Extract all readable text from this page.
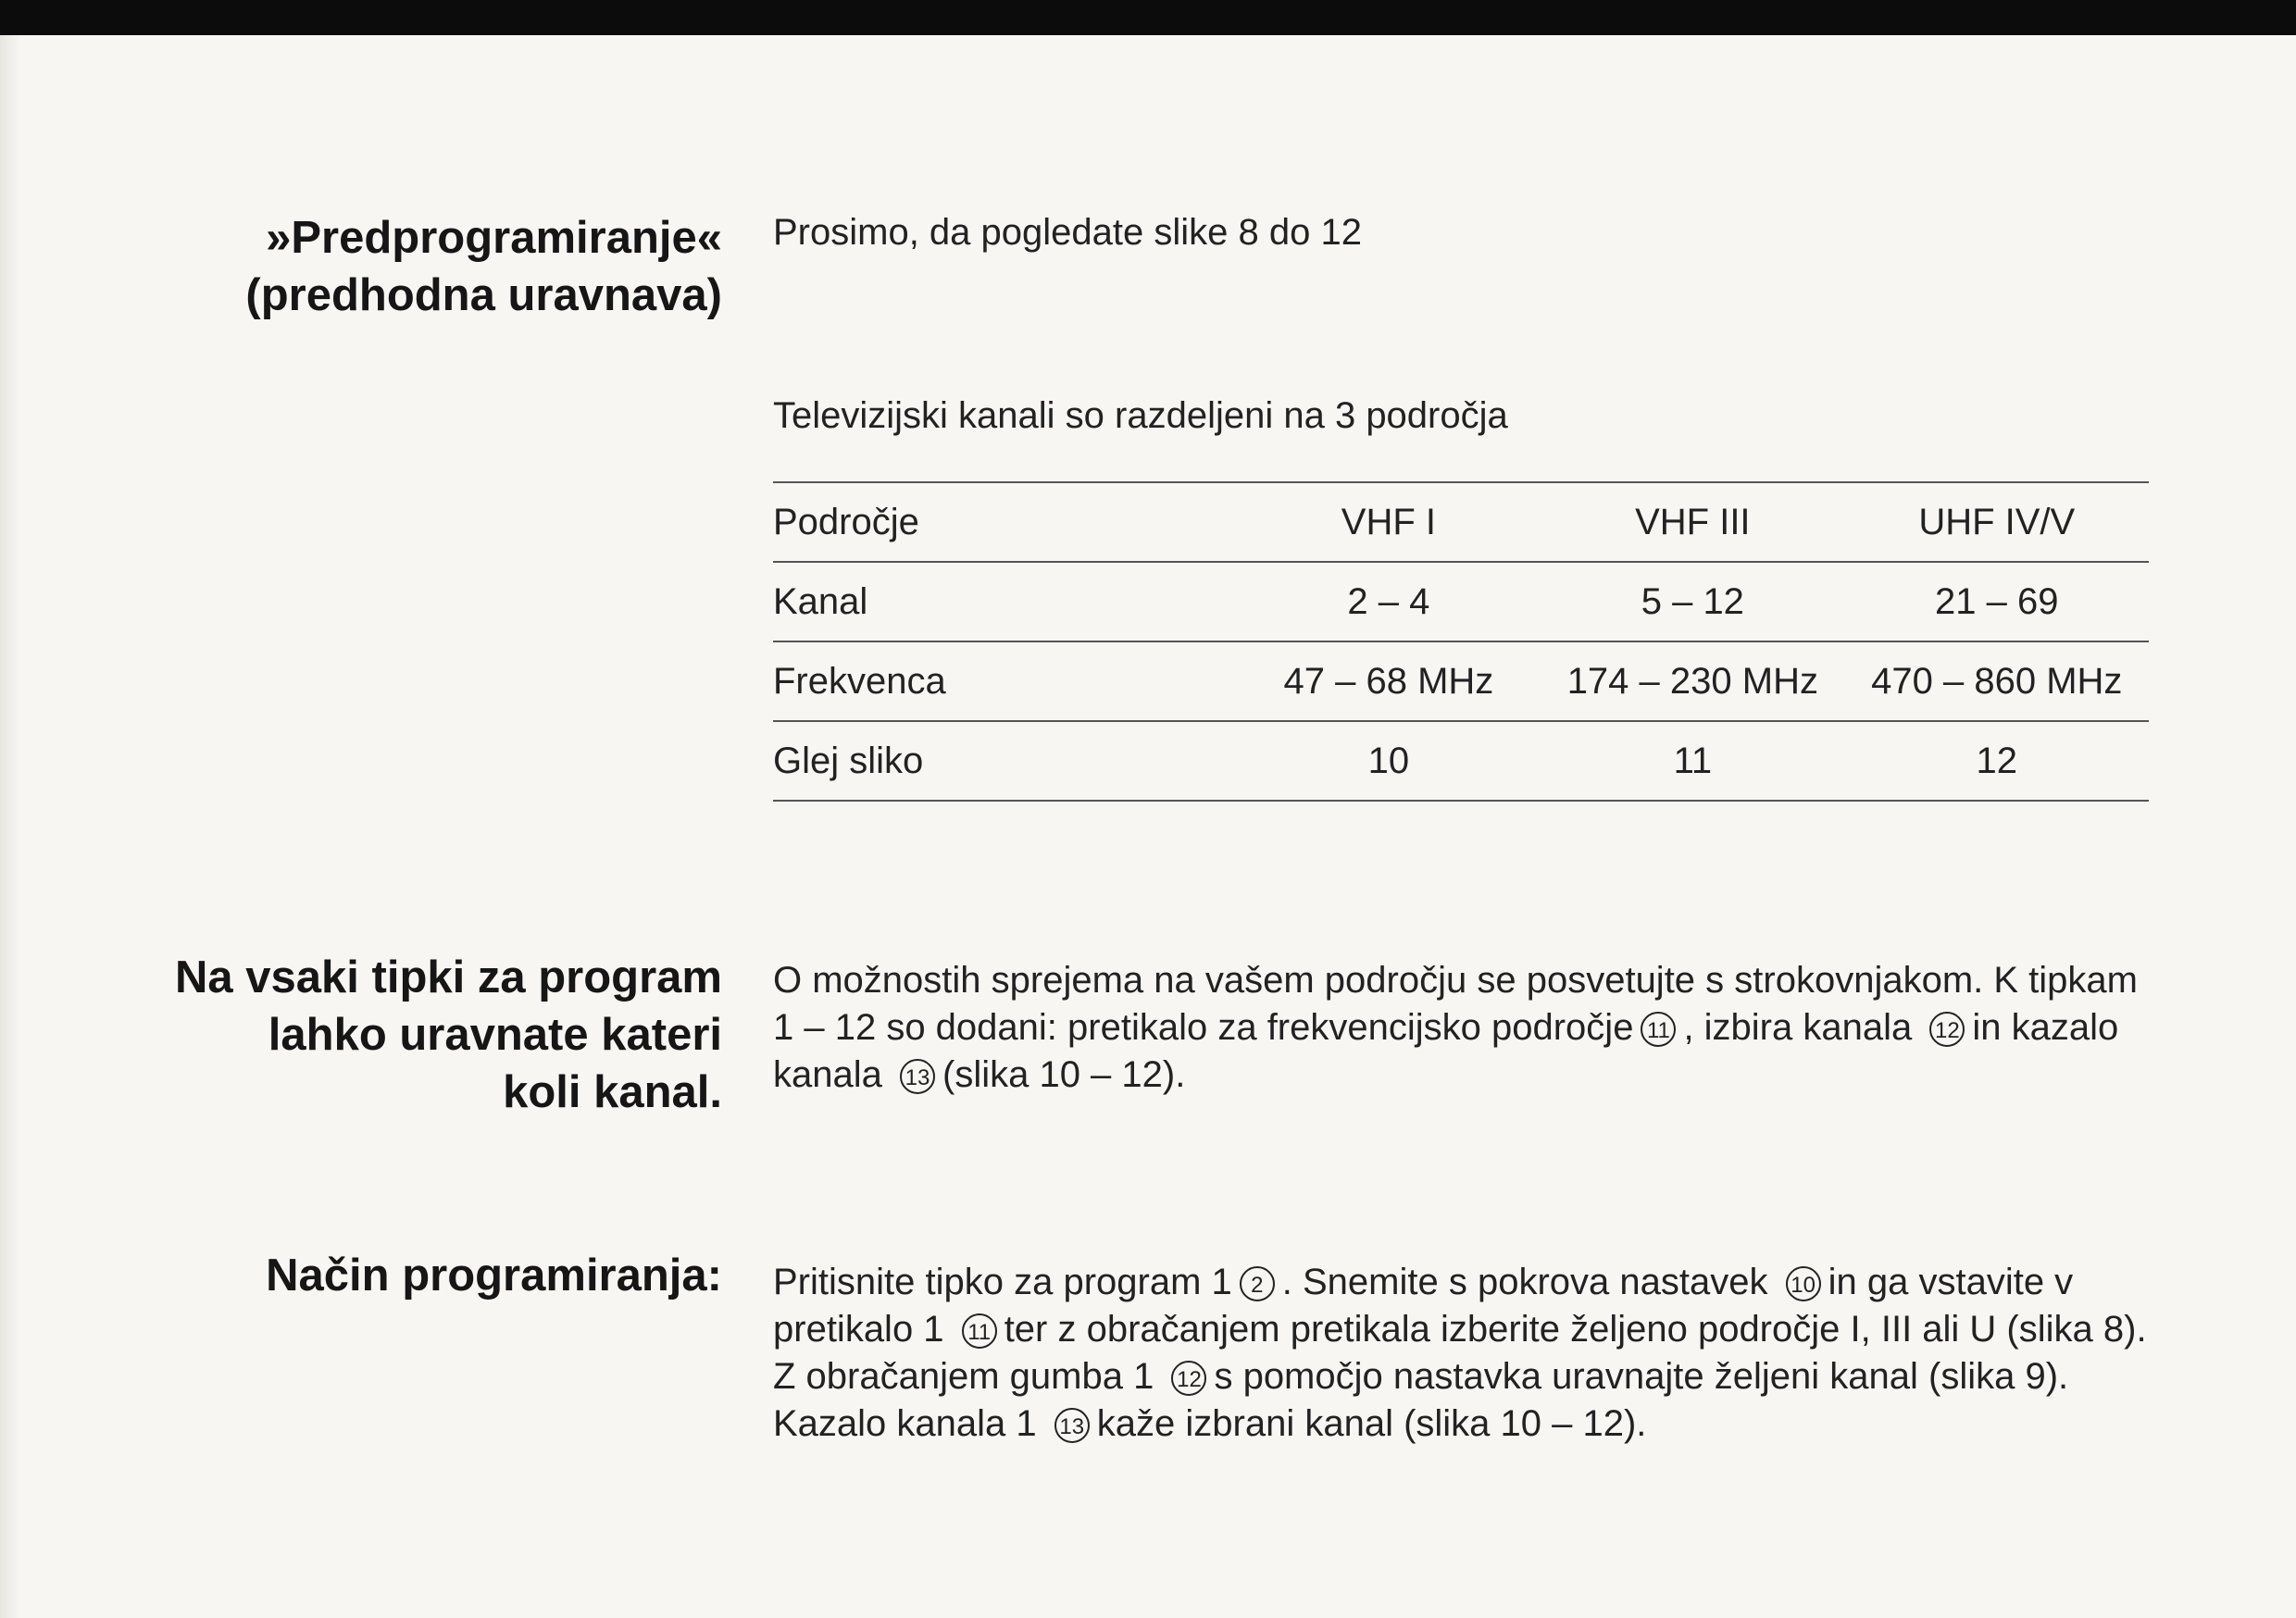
»Predprogramiranje«
(predhodna uravnava)

Prosimo, da pogledate slike 8 do 12

Televizijski kanali so razdeljeni na 3 področja

Področje	VHF I	VHF III	UHF IV/V
Kanal	2 – 4	5 – 12	21 – 69
Frekvenca	47 – 68 MHz	174 – 230 MHz	470 – 860 MHz
Glej sliko	10	11	12
Na vsaki tipki za program
lahko uravnate kateri
koli kanal.

O možnostih sprejema na vašem področju se posvetujte s strokovnjakom. K tipkam 1 – 12 so dodani: pretikalo za frekvencijsko področje 11 , izbira kanala 12 in kazalo kanala 13 (slika 10 – 12).

Način programiranja: Pritisnite tipko za program 1 2 . Snemite s pokrova nastavek 10 in ga vstavite v pretikalo 1 11 ter z obračanjem pretikala izberite željeno področje I, III ali U (slika 8).

Z obračanjem gumba 1 12 s pomočjo nastavka uravnajte željeni kanal (slika 9).

Kazalo kanala 1 13 kaže izbrani kanal (slika 10 – 12).
